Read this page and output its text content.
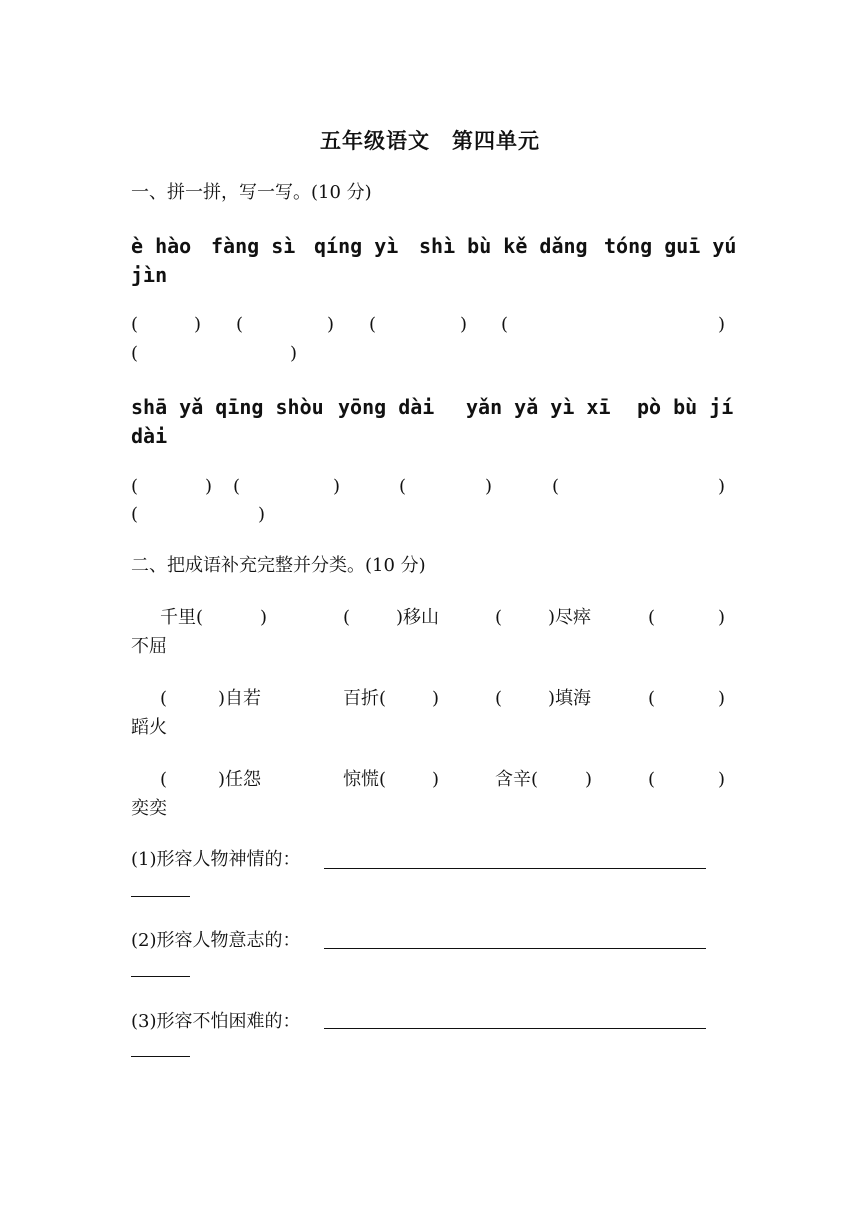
五年级语文　第四单元
一、拼一拼，写一写。(10 分)
è hào fàng sì qíng yì shì bù kě dǎng tóng guī yú
jìn
(	) (	) (	) (	)
(	)
shā yǎ qīng shòu yōng dài yǎn yǎ yì xī pò bù jí
dài
(	) (	)	(	)	(	)
(	)
二、把成语补充完整并分类。(10 分)
千里(	)	(	)移山	(	)尽瘁	(	)
不屈
(	)自若	百折(	)	(	)填海	(	)
蹈火
(	)任怨	惊慌(	)	含辛(	)	(	)
奕奕
(1)形容人物神情的：
(2)形容人物意志的：
(3)形容不怕困难的：
